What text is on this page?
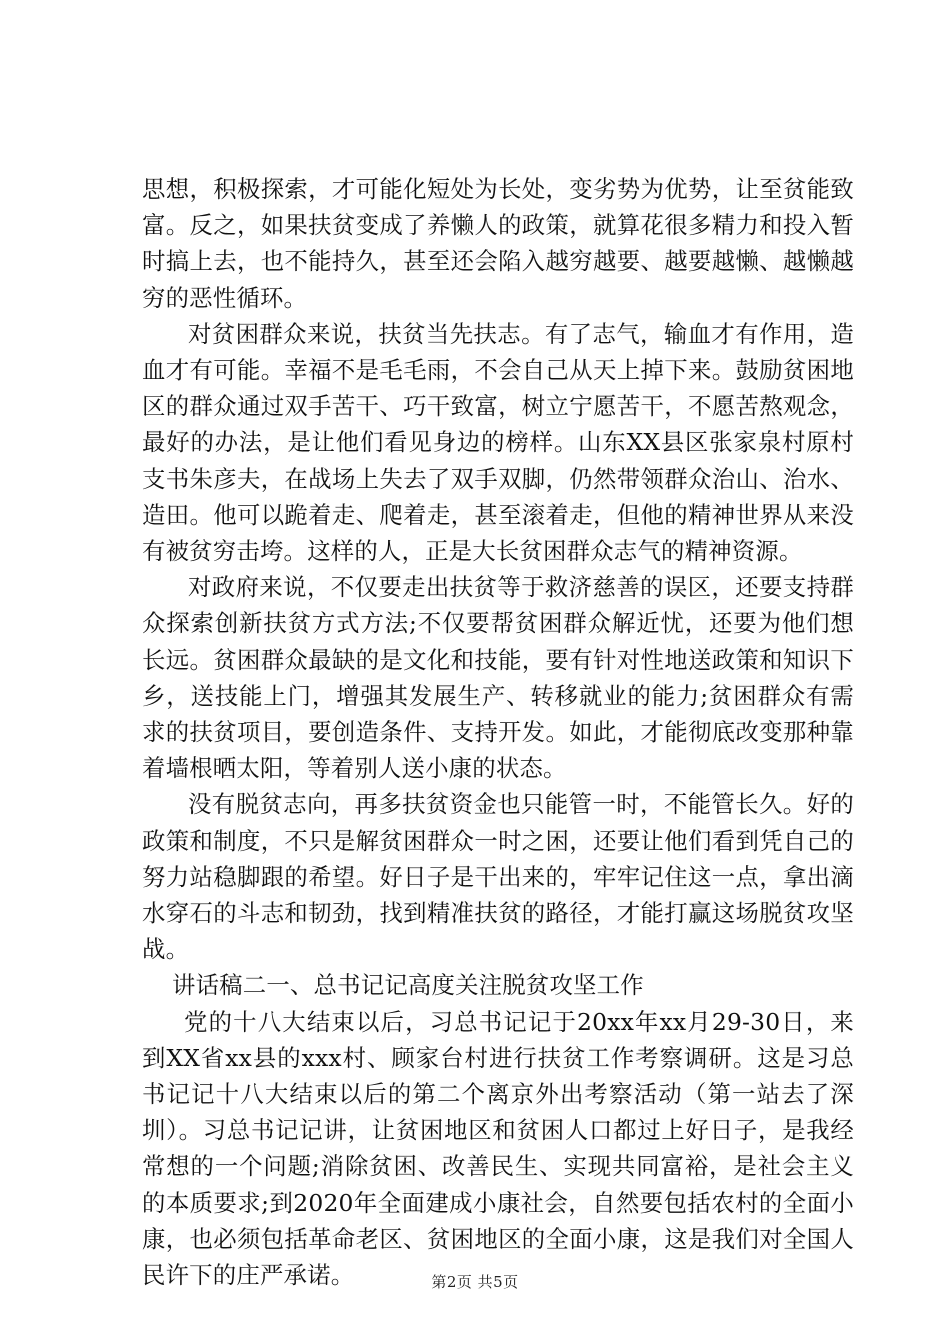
思想，积极探索，才可能化短处为长处，变劣势为优势，让至贫能致富。反之，如果扶贫变成了养懒人的政策，就算花很多精力和投入暂时搞上去，也不能持久，甚至还会陷入越穷越要、越要越懒、越懒越穷的恶性循环。

对贫困群众来说，扶贫当先扶志。有了志气，输血才有作用，造血才有可能。幸福不是毛毛雨，不会自己从天上掉下来。鼓励贫困地区的群众通过双手苦干、巧干致富，树立宁愿苦干，不愿苦熬观念，最好的办法，是让他们看见身边的榜样。山东XX县区张家泉村原村支书朱彦夫，在战场上失去了双手双脚，仍然带领群众治山、治水、造田。他可以跪着走、爬着走，甚至滚着走，但他的精神世界从来没有被贫穷击垮。这样的人，正是大长贫困群众志气的精神资源。

对政府来说，不仅要走出扶贫等于救济慈善的误区，还要支持群众探索创新扶贫方式方法;不仅要帮贫困群众解近忧，还要为他们想长远。贫困群众最缺的是文化和技能，要有针对性地送政策和知识下乡，送技能上门，增强其发展生产、转移就业的能力;贫困群众有需求的扶贫项目，要创造条件、支持开发。如此，才能彻底改变那种靠着墙根晒太阳，等着别人送小康的状态。

没有脱贫志向，再多扶贫资金也只能管一时，不能管长久。好的政策和制度，不只是解贫困群众一时之困，还要让他们看到凭自己的努力站稳脚跟的希望。好日子是干出来的，牢牢记住这一点，拿出滴水穿石的斗志和韧劲，找到精准扶贫的路径，才能打赢这场脱贫攻坚战。

讲话稿二一、总书记记高度关注脱贫攻坚工作

党的十八大结束以后，习总书记记于20xx年xx月29-30日，来到XX省xx县的xxx村、顾家台村进行扶贫工作考察调研。这是习总书记记十八大结束以后的第二个离京外出考察活动（第一站去了深圳）。习总书记记讲，让贫困地区和贫困人口都过上好日子，是我经常想的一个问题;消除贫困、改善民生、实现共同富裕，是社会主义的本质要求;到2020年全面建成小康社会，自然要包括农村的全面小康，也必须包括革命老区、贫困地区的全面小康，这是我们对全国人民许下的庄严承诺。	第2页 共5页
